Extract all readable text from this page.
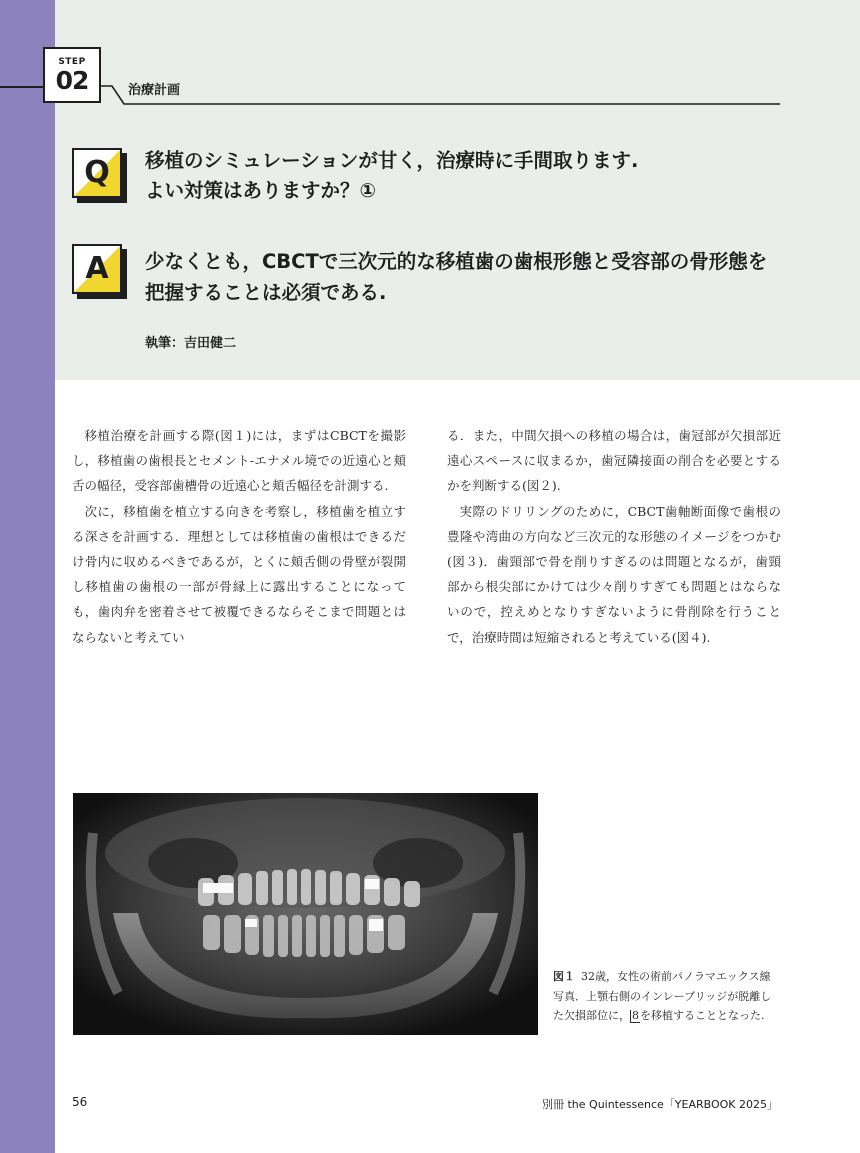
STEP
02	治療計画
Q	移植のシミュレーションが甘く，治療時に手間取ります.
よい対策はありますか？①
A	少なくとも，CBCTで三次元的な移植歯の歯根形態と受容部の骨形態を
把握することは必須である.
執筆：吉田健二

移植治療を計画する際(図１)には，まずはCBCTを撮影し，移植歯の歯根長とセメント-エナメル境での近遠心と頬舌の幅径，受容部歯槽骨の近遠心と頬舌幅径を計測する.

次に，移植歯を植立する向きを考察し，移植歯を植立する深さを計画する．理想としては移植歯の歯根はできるだけ骨内に収めるべきであるが，とくに頬舌側の骨壁が裂開し移植歯の歯根の一部が骨縁上に露出することになっても，歯肉弁を密着させて被覆できるならそこまで問題とはならないと考えてい

る．また，中間欠損への移植の場合は，歯冠部が欠損部近遠心スペースに収まるか，歯冠隣接面の削合を必要とするかを判断する(図２).

実際のドリリングのために，CBCT歯軸断面像で歯根の豊隆や湾曲の方向など三次元的な形態のイメージをつかむ(図３)．歯頸部で骨を削りすぎるのは問題となるが，歯頸部から根尖部にかけては少々削りすぎても問題とはならないので，控えめとなりすぎないように骨削除を行うことで，治療時間は短縮されると考えている(図４).

図１ 32歳，女性の術前パノラマエックス線写真．上顎右側のインレーブリッジが脱離した欠損部位に， 8を移植することとなった.
56	別冊 the Quintessence「YEARBOOK 2025」
